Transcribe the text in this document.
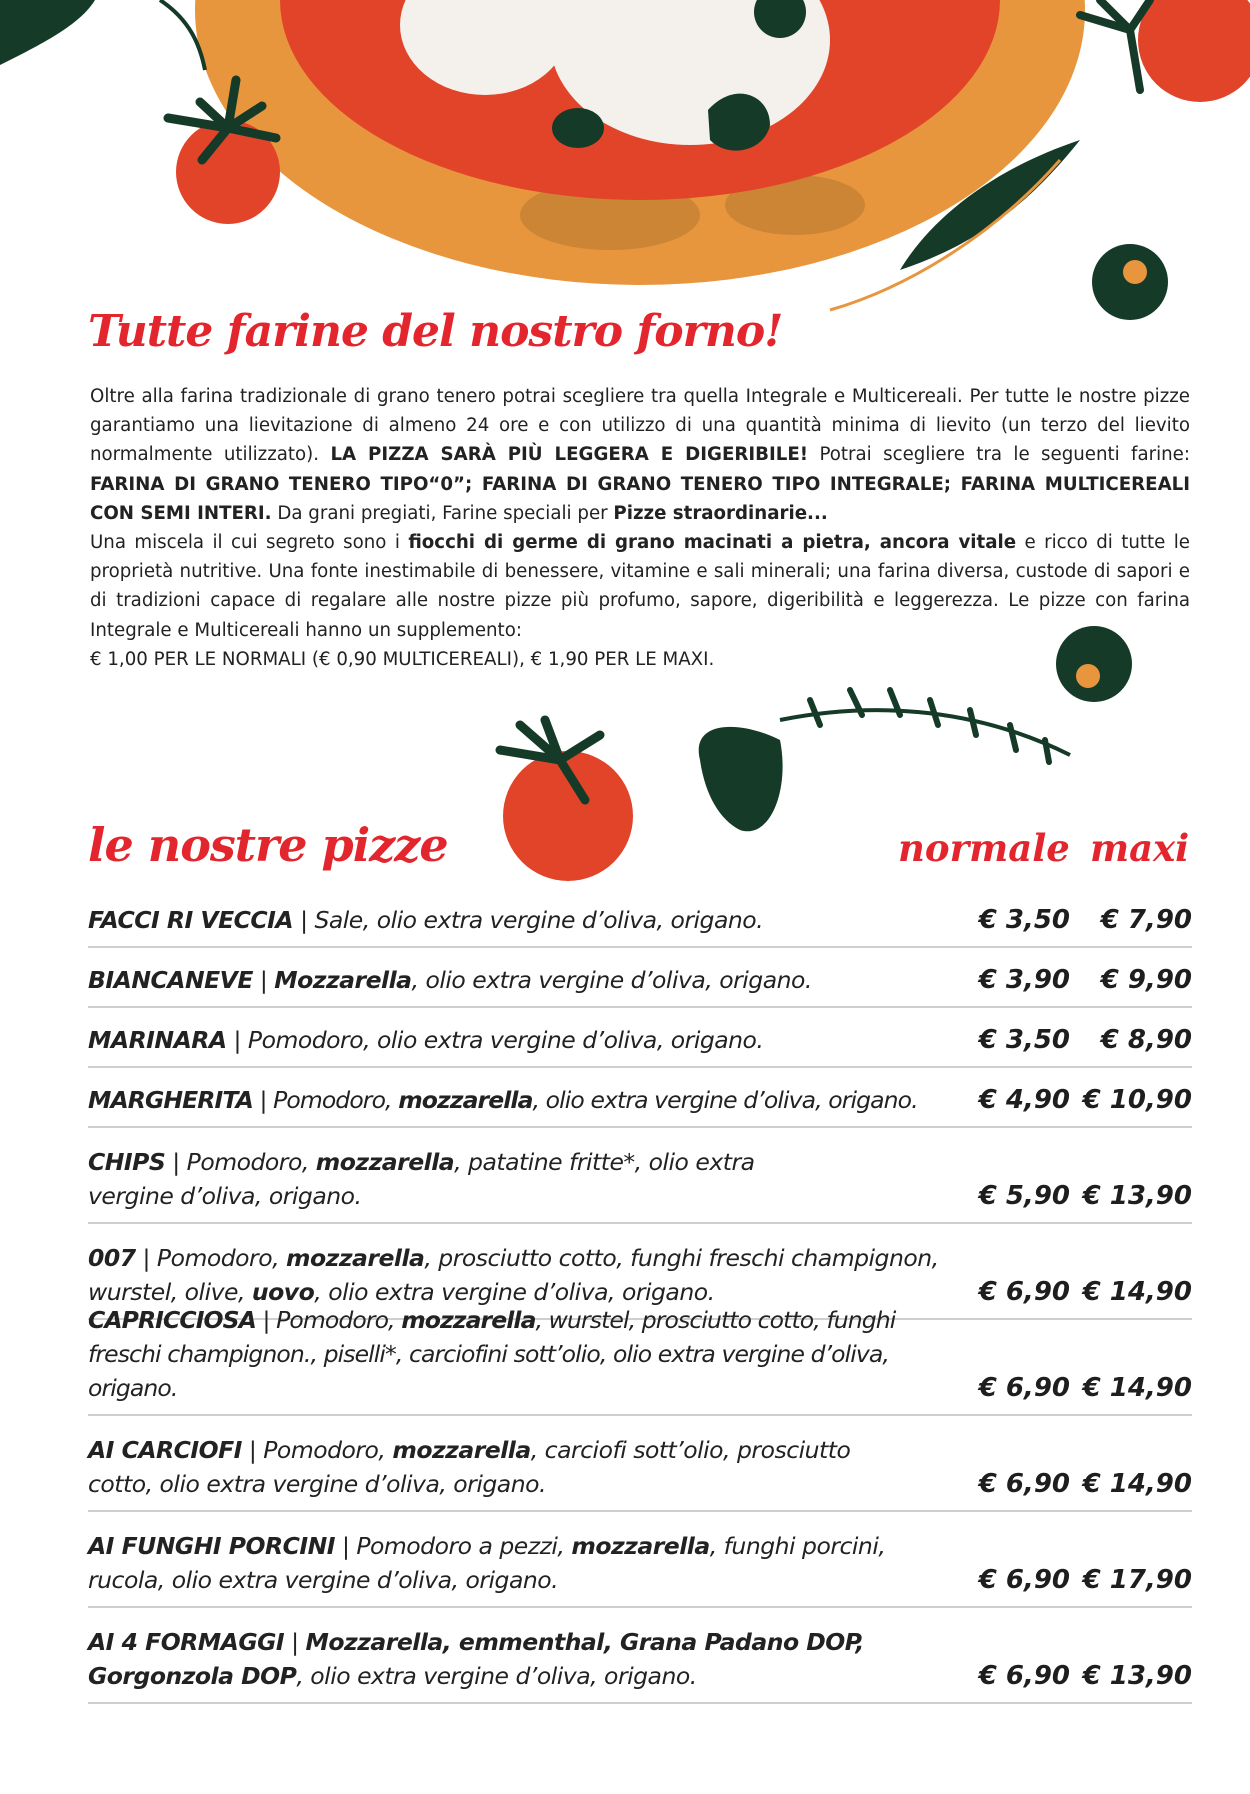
Tutte farine del nostro forno!

Oltre alla farina tradizionale di grano tenero potrai scegliere tra quella Integrale e Multicereali. Per tutte le nostre pizze garantiamo una lievitazione di almeno 24 ore e con utilizzo di una quantità minima di lievito (un terzo del lievito normalmente utilizzato). LA PIZZA SARÀ PIÙ LEGGERA E DIGERIBILE! Potrai scegliere tra le seguenti farine: FARINA DI GRANO TENERO TIPO“0”; FARINA DI GRANO TENERO TIPO INTEGRALE; FARINA MULTICEREALI CON SEMI INTERI. Da grani pregiati, Farine speciali per Pizze straordinarie...

Una miscela il cui segreto sono i fiocchi di germe di grano macinati a pietra, ancora vitale e ricco di tutte le proprietà nutritive. Una fonte inestimabile di benessere, vitamine e sali minerali; una farina diversa, custode di sapori e di tradizioni capace di regalare alle nostre pizze più profumo, sapore, digeribilità e leggerezza. Le pizze con farina Integrale e Multicereali hanno un supplemento:

€ 1,00 PER LE NORMALI (€ 0,90 MULTICEREALI), € 1,90 PER LE MAXI.

le nostre pizze	normale maxi
FACCI RI VECCIA | Sale, olio extra vergine d’oliva, origano.	€ 3,50	€ 7,90
BIANCANEVE | Mozzarella, olio extra vergine d’oliva, origano.	€ 3,90	€ 9,90
MARINARA | Pomodoro, olio extra vergine d’oliva, origano.	€ 3,50	€ 8,90
MARGHERITA | Pomodoro, mozzarella, olio extra vergine d’oliva, origano.	€ 4,90 € 10,90
CHIPS | Pomodoro, mozzarella, patatine fritte*, olio extra vergine d’oliva, origano.	€ 5,90 € 13,90
007 | Pomodoro, mozzarella, prosciutto cotto, funghi freschi champignon, wurstel, olive, uovo, olio extra vergine d’oliva, origano.	€ 6,90 € 14,90
CAPRICCIOSA | Pomodoro, mozzarella, wurstel, prosciutto cotto, funghi freschi champignon., piselli*, carciofini sott’olio, olio extra vergine d’oliva, origano.	€ 6,90 € 14,90
AI CARCIOFI | Pomodoro, mozzarella, carciofi sott’olio, prosciutto cotto, olio extra vergine d’oliva, origano.	€ 6,90 € 14,90
AI FUNGHI PORCINI | Pomodoro a pezzi, mozzarella, funghi porcini, rucola, olio extra vergine d’oliva, origano.	€ 6,90 € 17,90
AI 4 FORMAGGI | Mozzarella, emmenthal, Grana Padano DOP, Gorgonzola DOP, olio extra vergine d’oliva, origano.	€ 6,90 € 13,90
